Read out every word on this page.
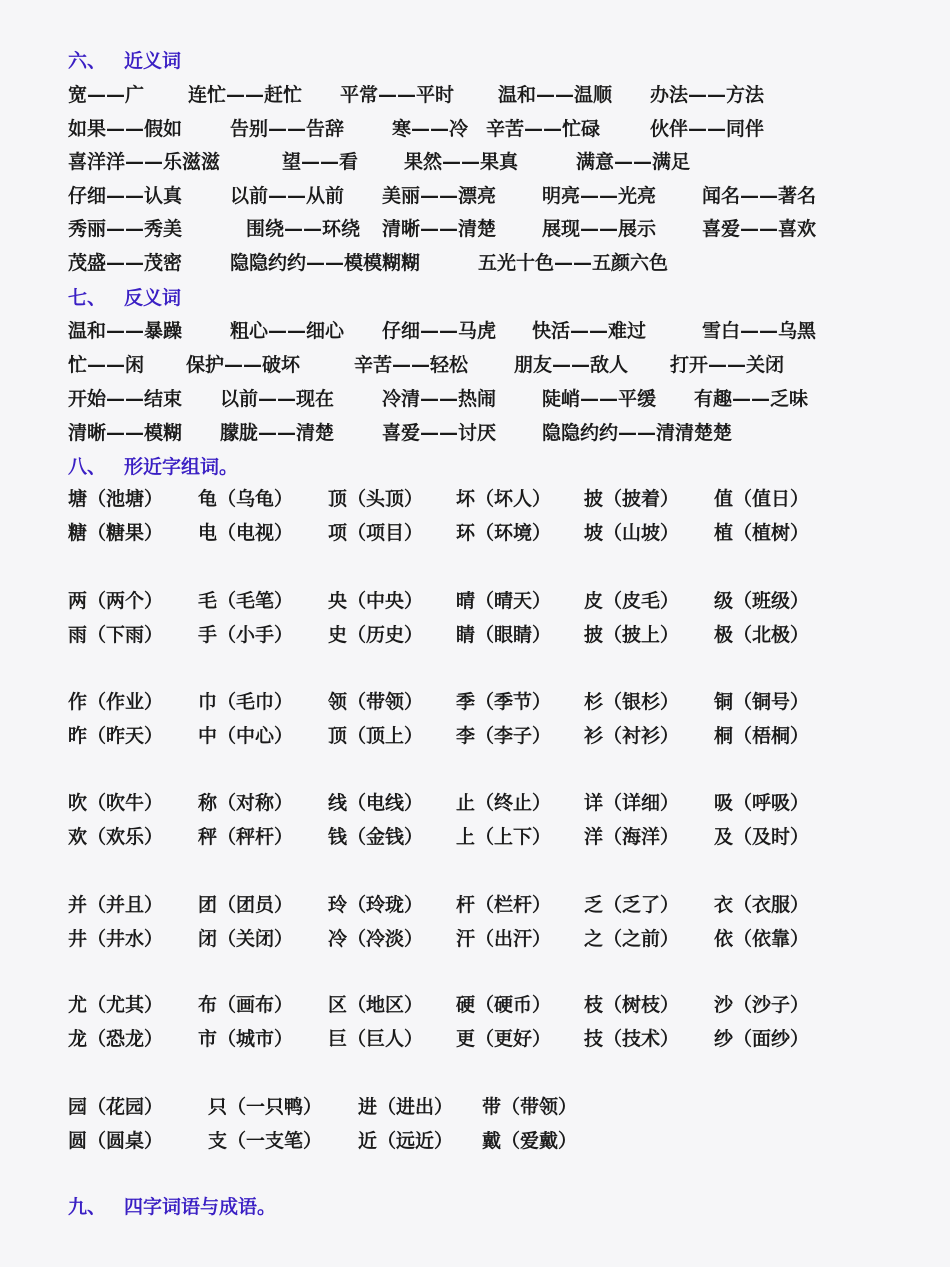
六、 近义词
宽——广 连忙——赶忙 平常——平时 温和——温顺 办法——方法
如果——假如	告别——告辞	寒——冷 辛苦——忙碌	伙伴——同伴
喜洋洋——乐滋滋	望——看 果然——果真	满意——满足
仔细——认真	以前——从前 美丽——漂亮 明亮——光亮 闻名——著名
秀丽——秀美	围绕——环绕 清晰——清楚 展现——展示 喜爱——喜欢
茂盛——茂密	隐隐约约——模模糊糊	五光十色——五颜六色
七、 反义词
温和——暴躁	粗心——细心 仔细——马虎 快活——难过	雪白——乌黑
忙——闲 保护——破坏	辛苦——轻松 朋友——敌人 打开——关闭
开始——结束 以前——现在	冷清——热闹 陡峭——平缓 有趣——乏味
清晰——模糊 朦胧——清楚	喜爱——讨厌 隐隐约约——清清楚楚
八、 形近字组词。
塘（池塘） 龟（乌龟） 顶（头顶） 坏（坏人） 披（披着） 值（值日）
糖（糖果） 电（电视） 项（项目） 环（环境） 坡（山坡） 植（植树）
两（两个） 毛（毛笔） 央（中央） 晴（晴天） 皮（皮毛） 级（班级）
雨（下雨） 手（小手） 史（历史） 睛（眼睛） 披（披上） 极（北极）
作（作业） 巾（毛巾） 领（带领） 季（季节） 杉（银杉） 铜（铜号）
昨（昨天） 中（中心） 顶（顶上） 李（李子） 衫（衬衫） 桐（梧桐）
吹（吹牛） 称（对称） 线（电线） 止（终止） 详（详细） 吸（呼吸）
欢（欢乐） 秤（秤杆） 钱（金钱） 上（上下） 洋（海洋） 及（及时）
并（并且） 团（团员） 玲（玲珑） 杆（栏杆） 乏（乏了） 衣（衣服）
井（井水） 闭（关闭） 冷（冷淡） 汗（出汗） 之（之前） 依（依靠）
尤（尤其） 布（画布） 区（地区） 硬（硬币） 枝（树枝） 沙（沙子）
龙（恐龙） 市（城市） 巨（巨人） 更（更好） 技（技术） 纱（面纱）
园（花园） 只（一只鸭） 进（进出） 带（带领）
圆（圆桌） 支（一支笔） 近（远近） 戴（爱戴）
九、 四字词语与成语。
